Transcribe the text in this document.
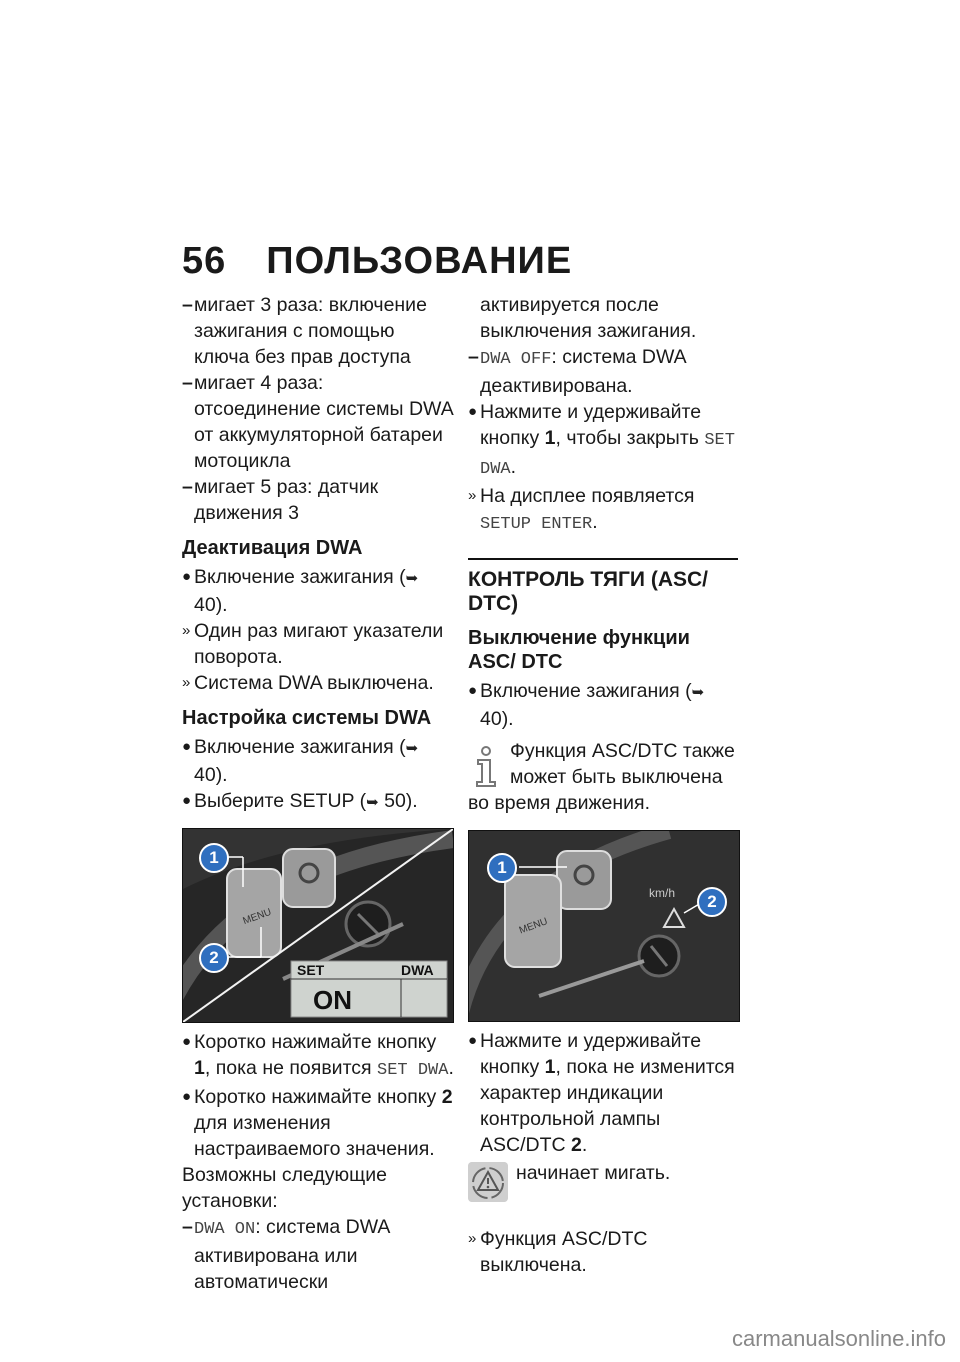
56 ПОЛЬЗОВАНИЕ
– мигает 3 раза: включение зажигания с помощью ключа без прав доступа
– мигает 4 раза: отсоединение системы DWA от аккумуляторной батареи мотоцикла
– мигает 5 раз: датчик движения 3
Деактивация DWA
● Включение зажигания (➥ 40).
» Один раз мигают указатели поворота.
» Система DWA выключена.
Настройка системы DWA
● Включение зажигания (➥ 40).
● Выберите SETUP (➥ 50).
MENU
SET	DWA
ON
1
2
● Коротко нажимайте кнопку 1, пока не появится SET DWA.
● Коротко нажимайте кнопку 2 для изменения настраиваемого значения.

Возможны следующие установки:

– DWA ON: система DWA активирована или автоматически
активируется после выключения зажигания.
– DWA OFF: система DWA деактивирована.
● Нажмите и удерживайте кнопку 1, чтобы закрыть SET DWA.
» На дисплее появляется SETUP ENTER.
КОНТРОЛЬ ТЯГИ (ASC/ DTC)
Выключение функции ASC/ DTC
● Включение зажигания (➥ 40).
Функция ASC/DTC также может быть выключена во время движения.
MENU
km/h
1
2
● Нажмите и удерживайте кнопку 1, пока не изменится характер индикации контрольной лампы ASC/DTC 2.
начинает мигать.
» Функция ASC/DTC выключена.
carmanualsonline.info
